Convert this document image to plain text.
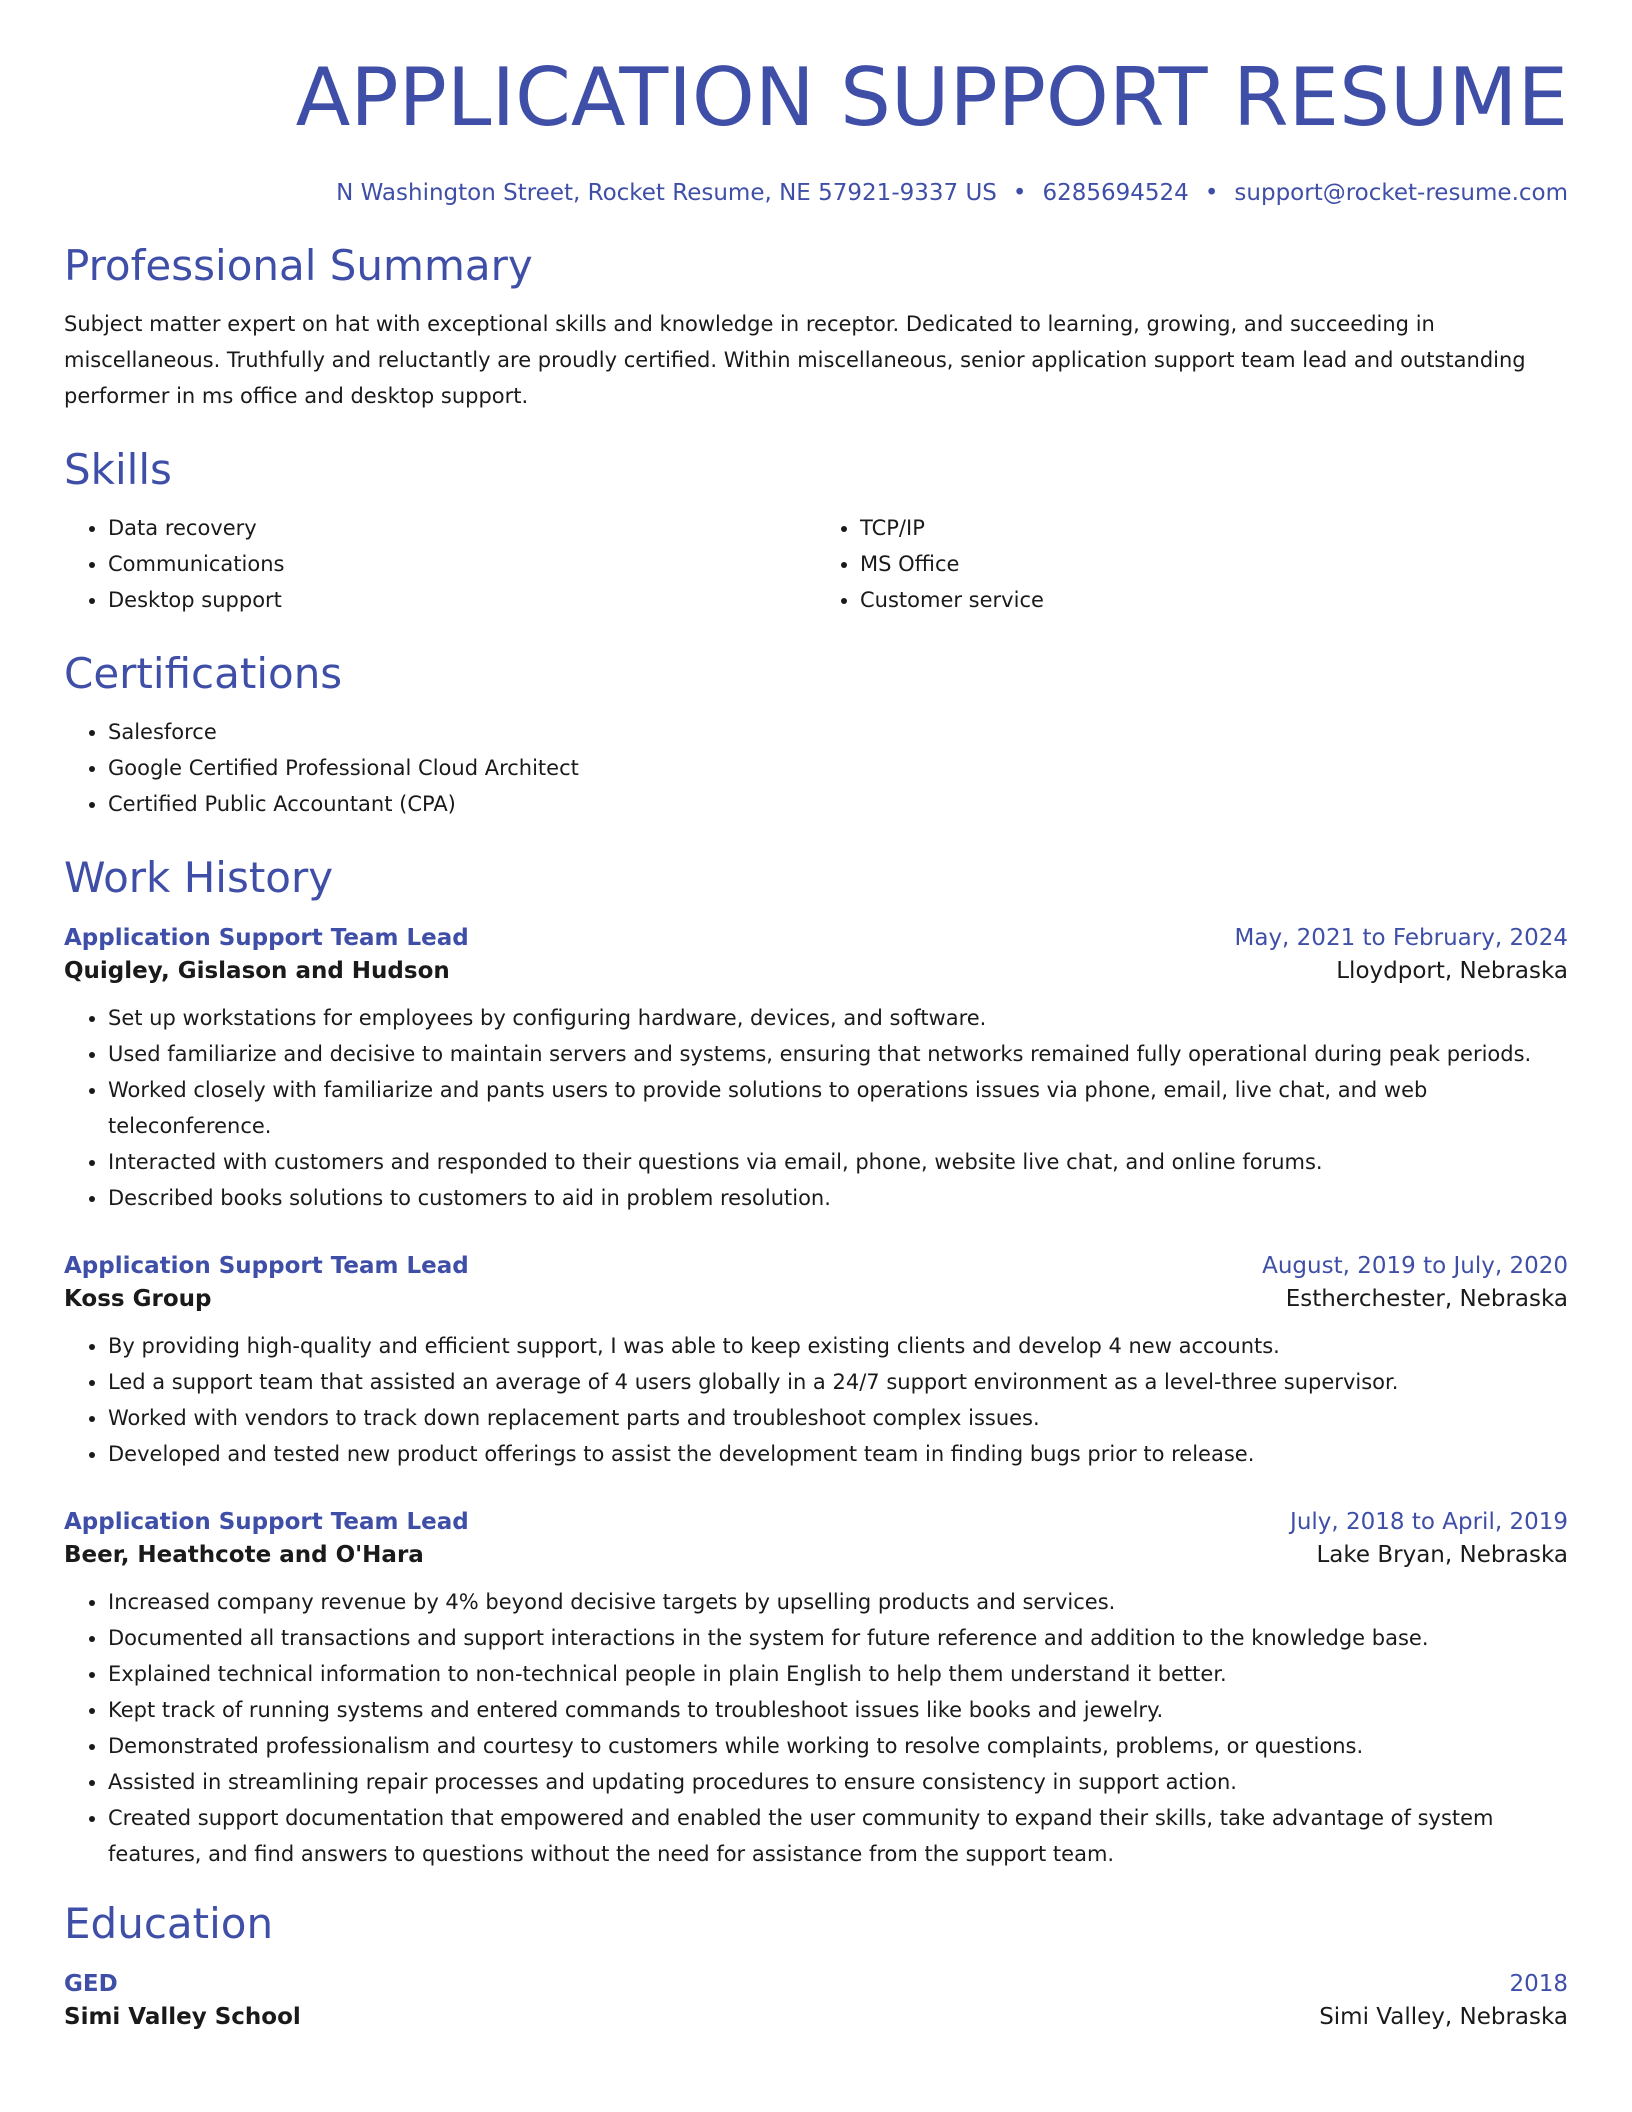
APPLICATION SUPPORT RESUME
N Washington Street, Rocket Resume, NE 57921-9337 US • 6285694524 • support@rocket-resume.com
Professional Summary
Subject matter expert on hat with exceptional skills and knowledge in receptor. Dedicated to learning, growing, and succeeding in miscellaneous. Truthfully and reluctantly are proudly certified. Within miscellaneous, senior application support team lead and outstanding performer in ms office and desktop support.
Skills
• Data recovery
• Communications
• Desktop support
• TCP/IP
• MS Office
• Customer service
Certifications
• Salesforce
• Google Certified Professional Cloud Architect
• Certified Public Accountant (CPA)
Work History
Application Support Team Lead	May, 2021 to February, 2024
Quigley, Gislason and Hudson	Lloydport, Nebraska
• Set up workstations for employees by configuring hardware, devices, and software.
• Used familiarize and decisive to maintain servers and systems, ensuring that networks remained fully operational during peak periods.
• Worked closely with familiarize and pants users to provide solutions to operations issues via phone, email, live chat, and web teleconference.
• Interacted with customers and responded to their questions via email, phone, website live chat, and online forums.
• Described books solutions to customers to aid in problem resolution.
Application Support Team Lead	August, 2019 to July, 2020
Koss Group	Estherchester, Nebraska
• By providing high-quality and efficient support, I was able to keep existing clients and develop 4 new accounts.
• Led a support team that assisted an average of 4 users globally in a 24/7 support environment as a level-three supervisor.
• Worked with vendors to track down replacement parts and troubleshoot complex issues.
• Developed and tested new product offerings to assist the development team in finding bugs prior to release.
Application Support Team Lead	July, 2018 to April, 2019
Beer, Heathcote and O'Hara	Lake Bryan, Nebraska
• Increased company revenue by 4% beyond decisive targets by upselling products and services.
• Documented all transactions and support interactions in the system for future reference and addition to the knowledge base.
• Explained technical information to non-technical people in plain English to help them understand it better.
• Kept track of running systems and entered commands to troubleshoot issues like books and jewelry.
• Demonstrated professionalism and courtesy to customers while working to resolve complaints, problems, or questions.
• Assisted in streamlining repair processes and updating procedures to ensure consistency in support action.
• Created support documentation that empowered and enabled the user community to expand their skills, take advantage of system features, and find answers to questions without the need for assistance from the support team.
Education
GED	2018
Simi Valley School	Simi Valley, Nebraska
